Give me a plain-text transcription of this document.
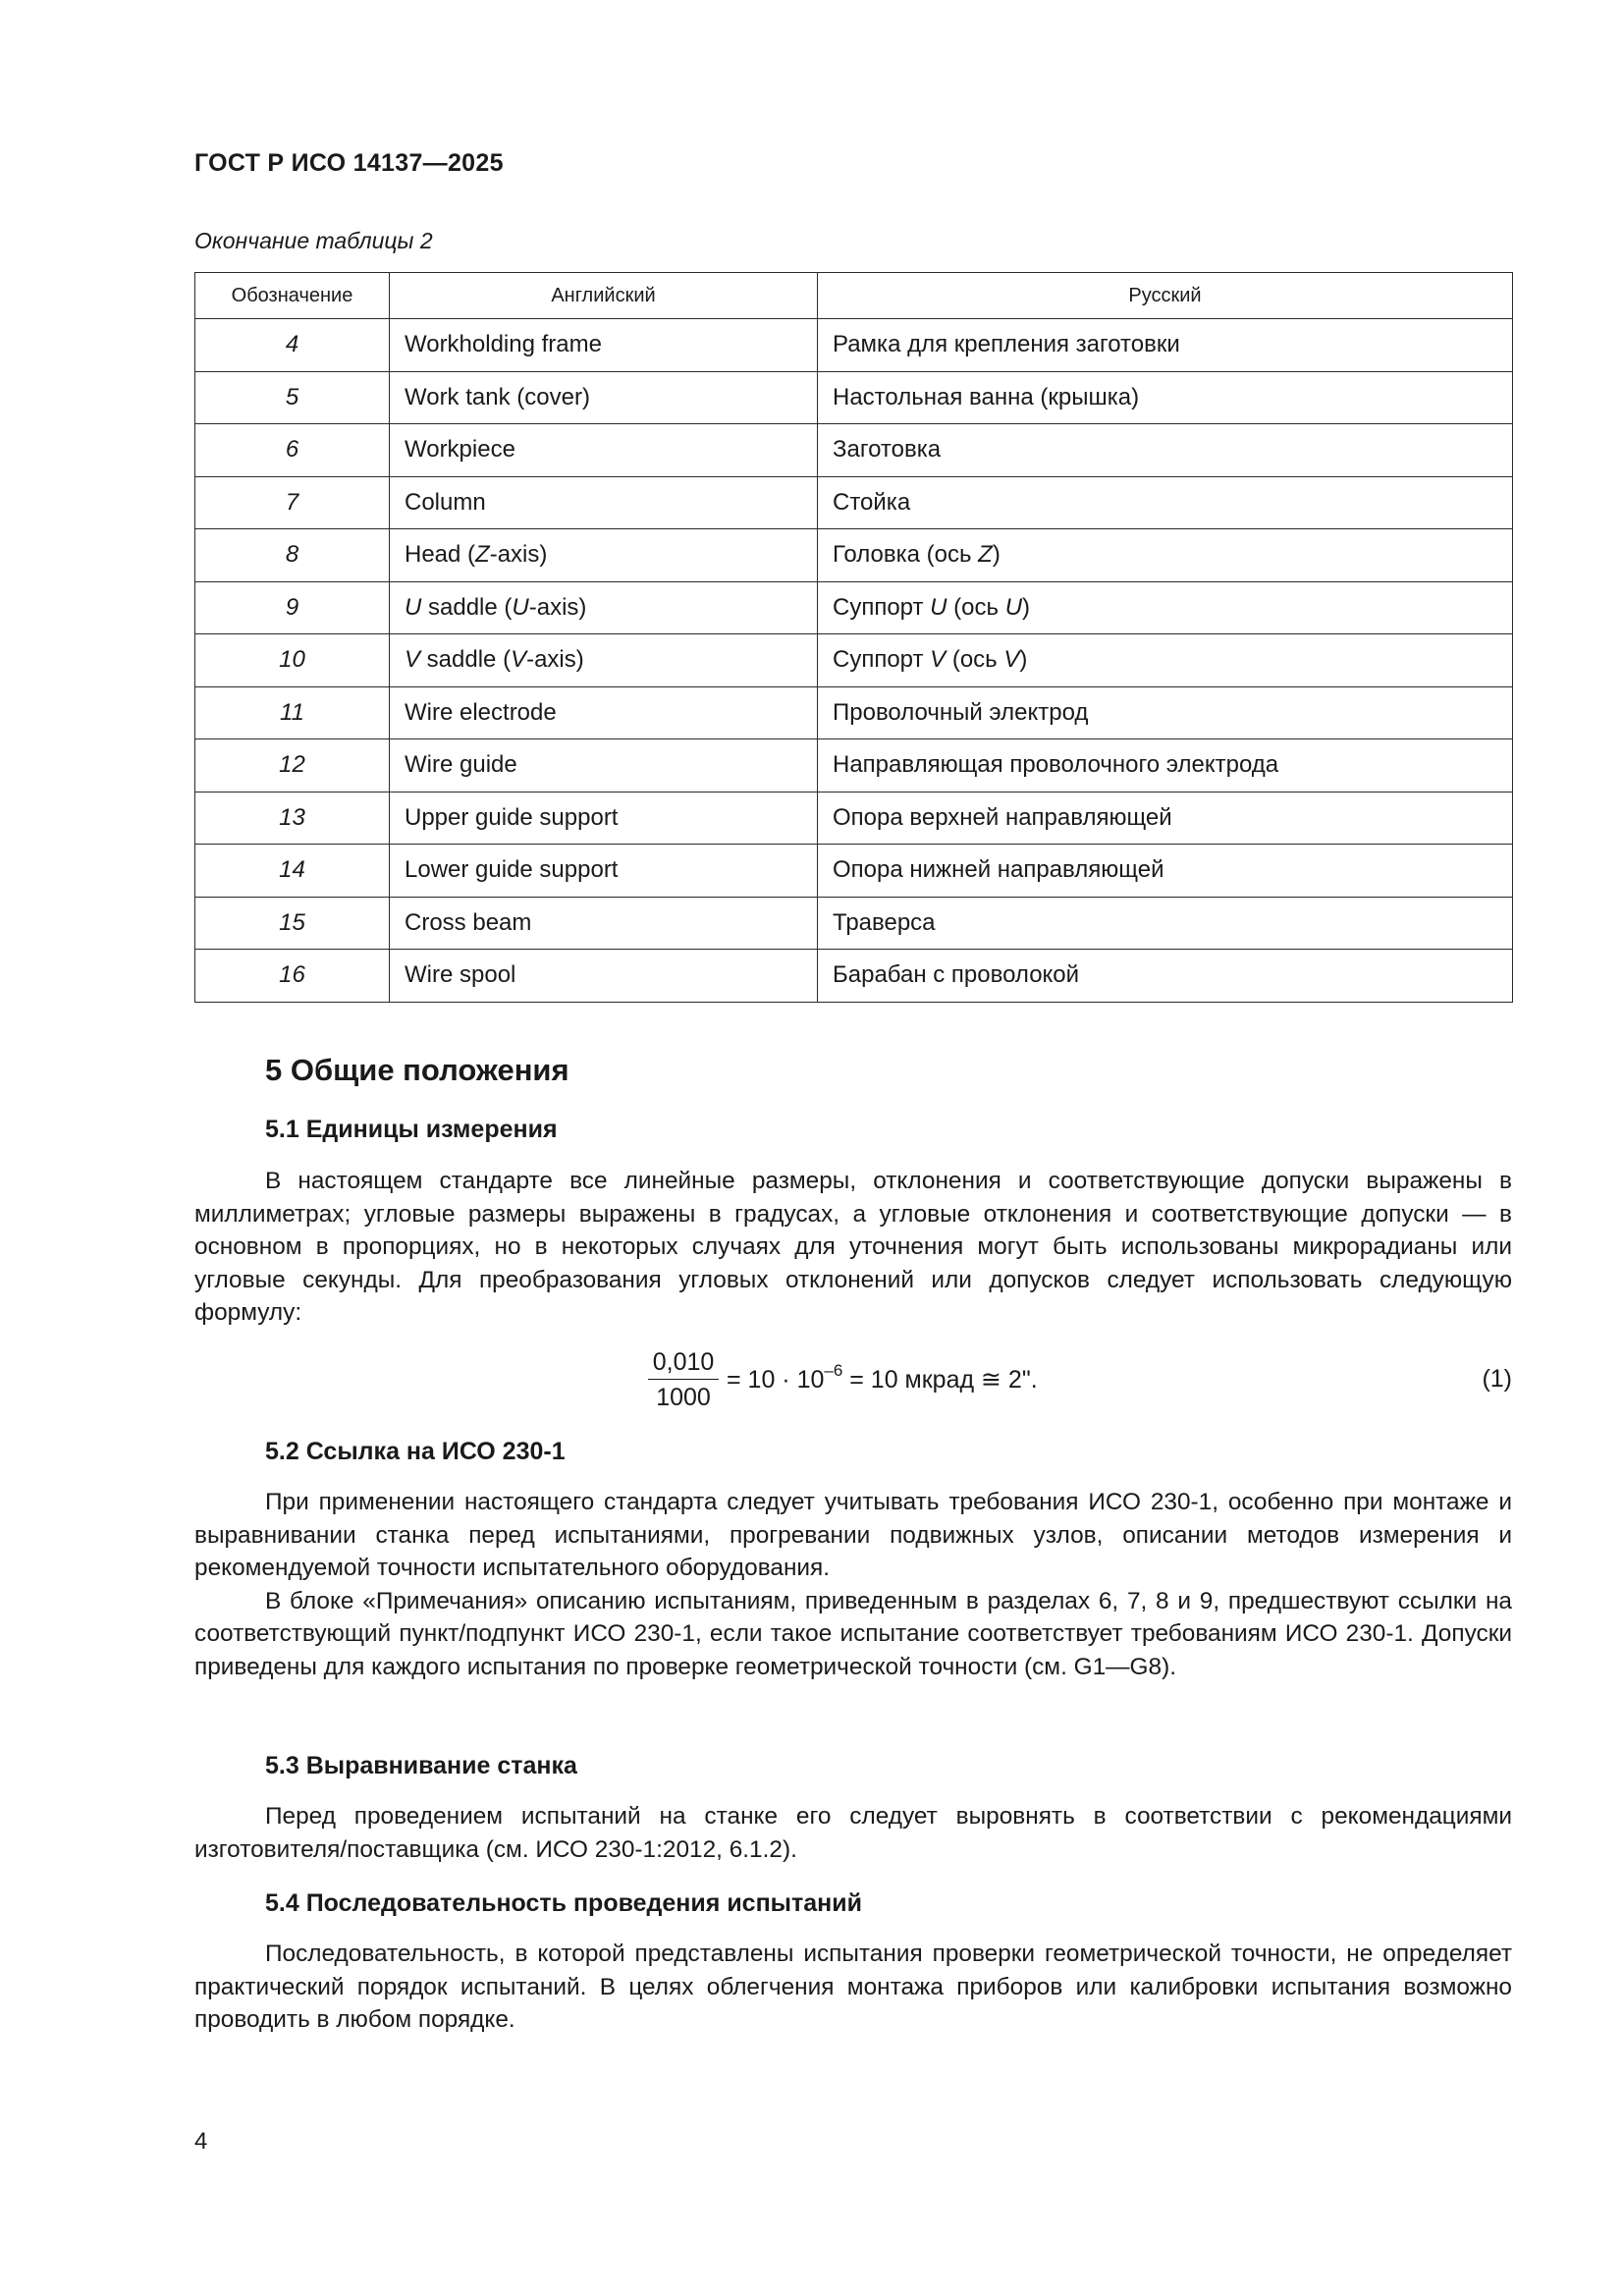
ГОСТ Р ИСО 14137—2025
Окончание таблицы 2
Обозначение	Английский	Русский
4	Workholding frame	Рамка для крепления заготовки
5	Work tank (cover)	Настольная ванна (крышка)
6	Workpiece	Заготовка
7	Column	Стойка
8	Head (Z-axis)	Головка (ось Z)
9	U saddle (U-axis)	Суппорт U (ось U)
10	V saddle (V-axis)	Суппорт V (ось V)
11	Wire electrode	Проволочный электрод
12	Wire guide	Направляющая проволочного электрода
13	Upper guide support	Опора верхней направляющей
14	Lower guide support	Опора нижней направляющей
15	Cross beam	Траверса
16	Wire spool	Барабан с проволокой
5 Общие положения
5.1 Единицы измерения

В настоящем стандарте все линейные размеры, отклонения и соответствующие допуски выражены в миллиметрах; угловые размеры выражены в градусах, а угловые отклонения и соответствующие допуски — в основном в пропорциях, но в некоторых случаях для уточнения могут быть использованы микрорадианы или угловые секунды. Для преобразования угловых отклонений или допусков следует использовать следующую формулу:

0,010
1000
= $10 \cdot 10^{-6} = 10$ мкрад ≅ 2".	(1)
5.2 Ссылка на ИСО 230-1

При применении настоящего стандарта следует учитывать требования ИСО 230-1, особенно при монтаже и выравнивании станка перед испытаниями, прогревании подвижных узлов, описании методов измерения и рекомендуемой точности испытательного оборудования.

В блоке «Примечания» описанию испытаниям, приведенным в разделах 6, 7, 8 и 9, предшествуют ссылки на соответствующий пункт/подпункт ИСО 230-1, если такое испытание соответствует требованиям ИСО 230-1. Допуски приведены для каждого испытания по проверке геометрической точности (см. G1—G8).

5.3 Выравнивание станка

Перед проведением испытаний на станке его следует выровнять в соответствии с рекомендациями изготовителя/поставщика (см. ИСО 230-1:2012, 6.1.2).

5.4 Последовательность проведения испытаний

Последовательность, в которой представлены испытания проверки геометрической точности, не определяет практический порядок испытаний. В целях облегчения монтажа приборов или калибровки испытания возможно проводить в любом порядке.

4
